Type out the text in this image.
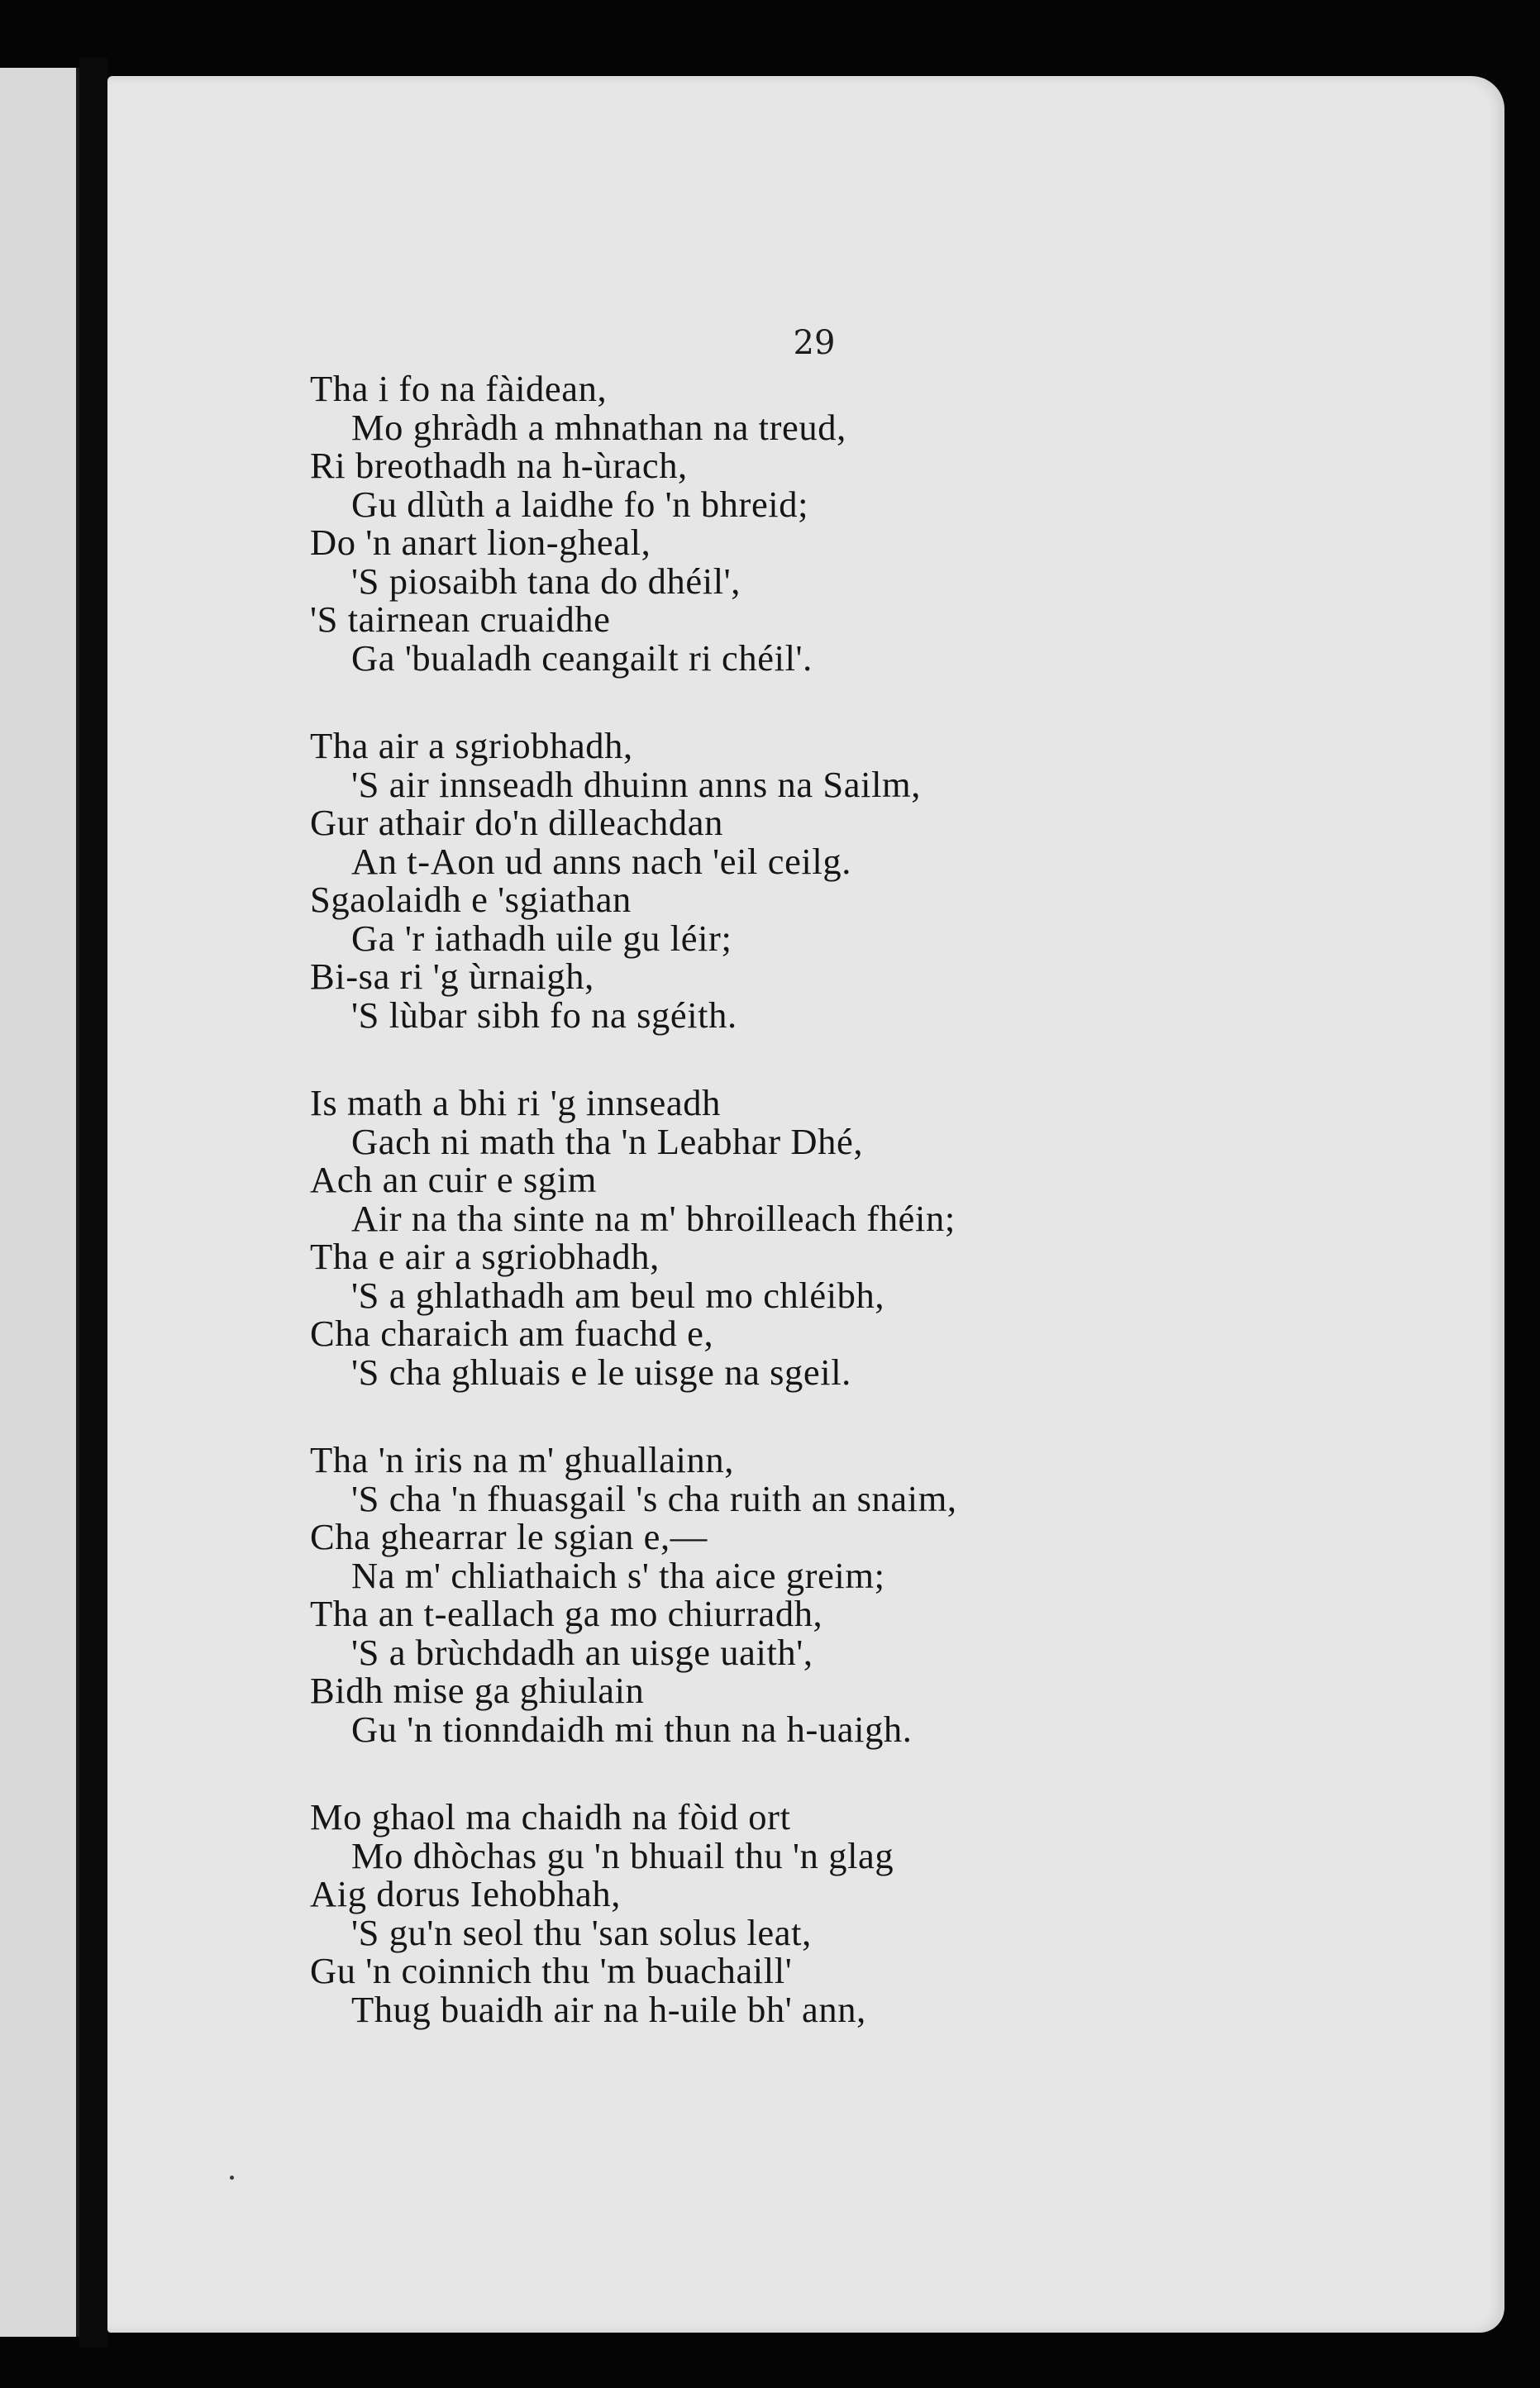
29
Tha i fo na fàidean,
Mo ghràdh a mhnathan na treud,
Ri breothadh na h-ùrach,
Gu dlùth a laidhe fo 'n bhreid;
Do 'n anart lion-gheal,
'S piosaibh tana do dhéil',
'S tairnean cruaidhe
Ga 'bualadh ceangailt ri chéil'.
Tha air a sgriobhadh,
'S air innseadh dhuinn anns na Sailm,
Gur athair do'n dilleachdan
An t-Aon ud anns nach 'eil ceilg.
Sgaolaidh e 'sgiathan
Ga 'r iathadh uile gu léir;
Bi-sa ri 'g ùrnaigh,
'S lùbar sibh fo na sgéith.
Is math a bhi ri 'g innseadh
Gach ni math tha 'n Leabhar Dhé,
Ach an cuir e sgim
Air na tha sinte na m' bhroilleach fhéin;
Tha e air a sgriobhadh,
'S a ghlathadh am beul mo chléibh,
Cha charaich am fuachd e,
'S cha ghluais e le uisge na sgeil.
Tha 'n iris na m' ghuallainn,
'S cha 'n fhuasgail 's cha ruith an snaim,
Cha ghearrar le sgian e,—
Na m' chliathaich s' tha aice greim;
Tha an t-eallach ga mo chiurradh,
'S a brùchdadh an uisge uaith',
Bidh mise ga ghiulain
Gu 'n tionndaidh mi thun na h-uaigh.
Mo ghaol ma chaidh na fòid ort
Mo dhòchas gu 'n bhuail thu 'n glag
Aig dorus Iehobhah,
'S gu'n seol thu 'san solus leat,
Gu 'n coinnich thu 'm buachaill'
Thug buaidh air na h-uile bh' ann,
